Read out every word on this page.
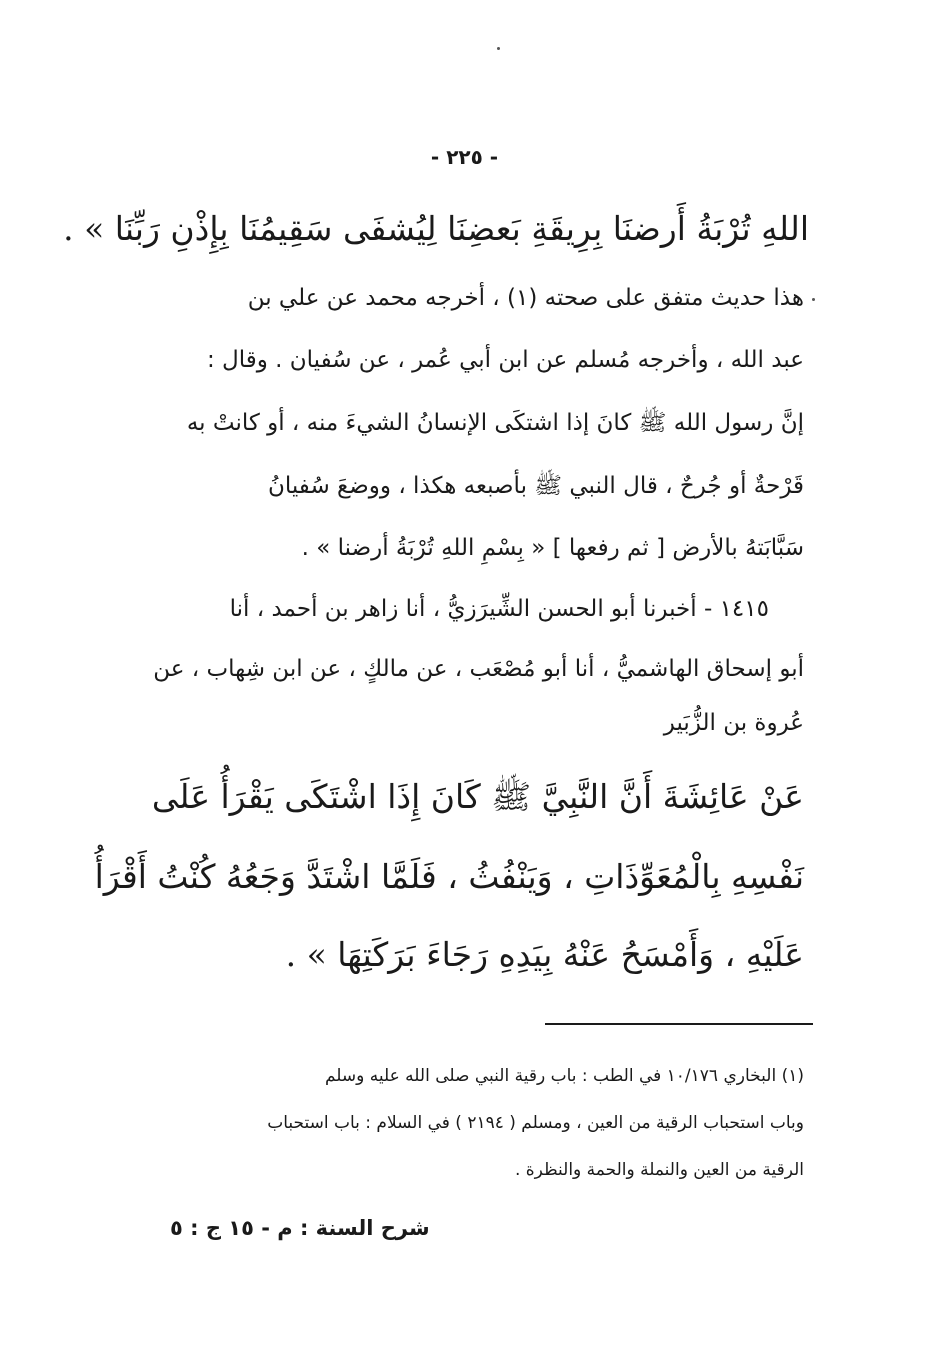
- ٢٢٥ -
اللهِ تُرْبَةُ أَرضنَا بِرِيقَةِ بَعضِنَا لِيُشفَى سَقِيمُنَا بِإِذْنِ رَبِّنَا » .
هذا حديث متفق على صحته (١) ، أخرجه محمد عن علي بن
عبد الله ، وأخرجه مُسلم عن ابن أبي عُمر ، عن سُفيان . وقال :
إنَّ رسول الله ﷺ كانَ إذا اشتكَى الإنسانُ الشيءَ منه ، أو كانتْ به
قَرْحةٌ أو جُرحٌ ، قال النبي ﷺ بأصبعه هكذا ، ووضعَ سُفيانُ
سَبَّابَتهُ بالأرض [ ثم رفعها ] « بِسْمِ اللهِ تُرْبَةُ أرضنا » .
١٤١٥ - أخبرنا أبو الحسن الشِّيرَزيُّ ، أنا زاهر بن أحمد ، أنا
أبو إسحاق الهاشميُّ ، أنا أبو مُصْعَب ، عن مالكٍ ، عن ابن شِهاب ، عن
عُروة بن الزُّبَير
عَنْ عَائِشَةَ أَنَّ النَّبِيَّ ﷺ كَانَ إِذَا اشْتَكَى يَقْرَأُ عَلَى
نَفْسِهِ بِالْمُعَوِّذَاتِ ، وَيَنْفُثُ ، فَلَمَّا اشْتَدَّ وَجَعُهُ كُنْتُ أَقْرَأُ
عَلَيْهِ ، وَأَمْسَحُ عَنْهُ بِيَدِهِ رَجَاءَ بَرَكَتِهَا » .
(١) البخاري ١٠/١٧٦ في الطب : باب رقية النبي صلى الله عليه وسلم
وباب استحباب الرقية من العين ، ومسلم ( ٢١٩٤ ) في السلام : باب استحباب
الرقية من العين والنملة والحمة والنظرة .
شرح السنة : م - ١٥ ج : ٥
